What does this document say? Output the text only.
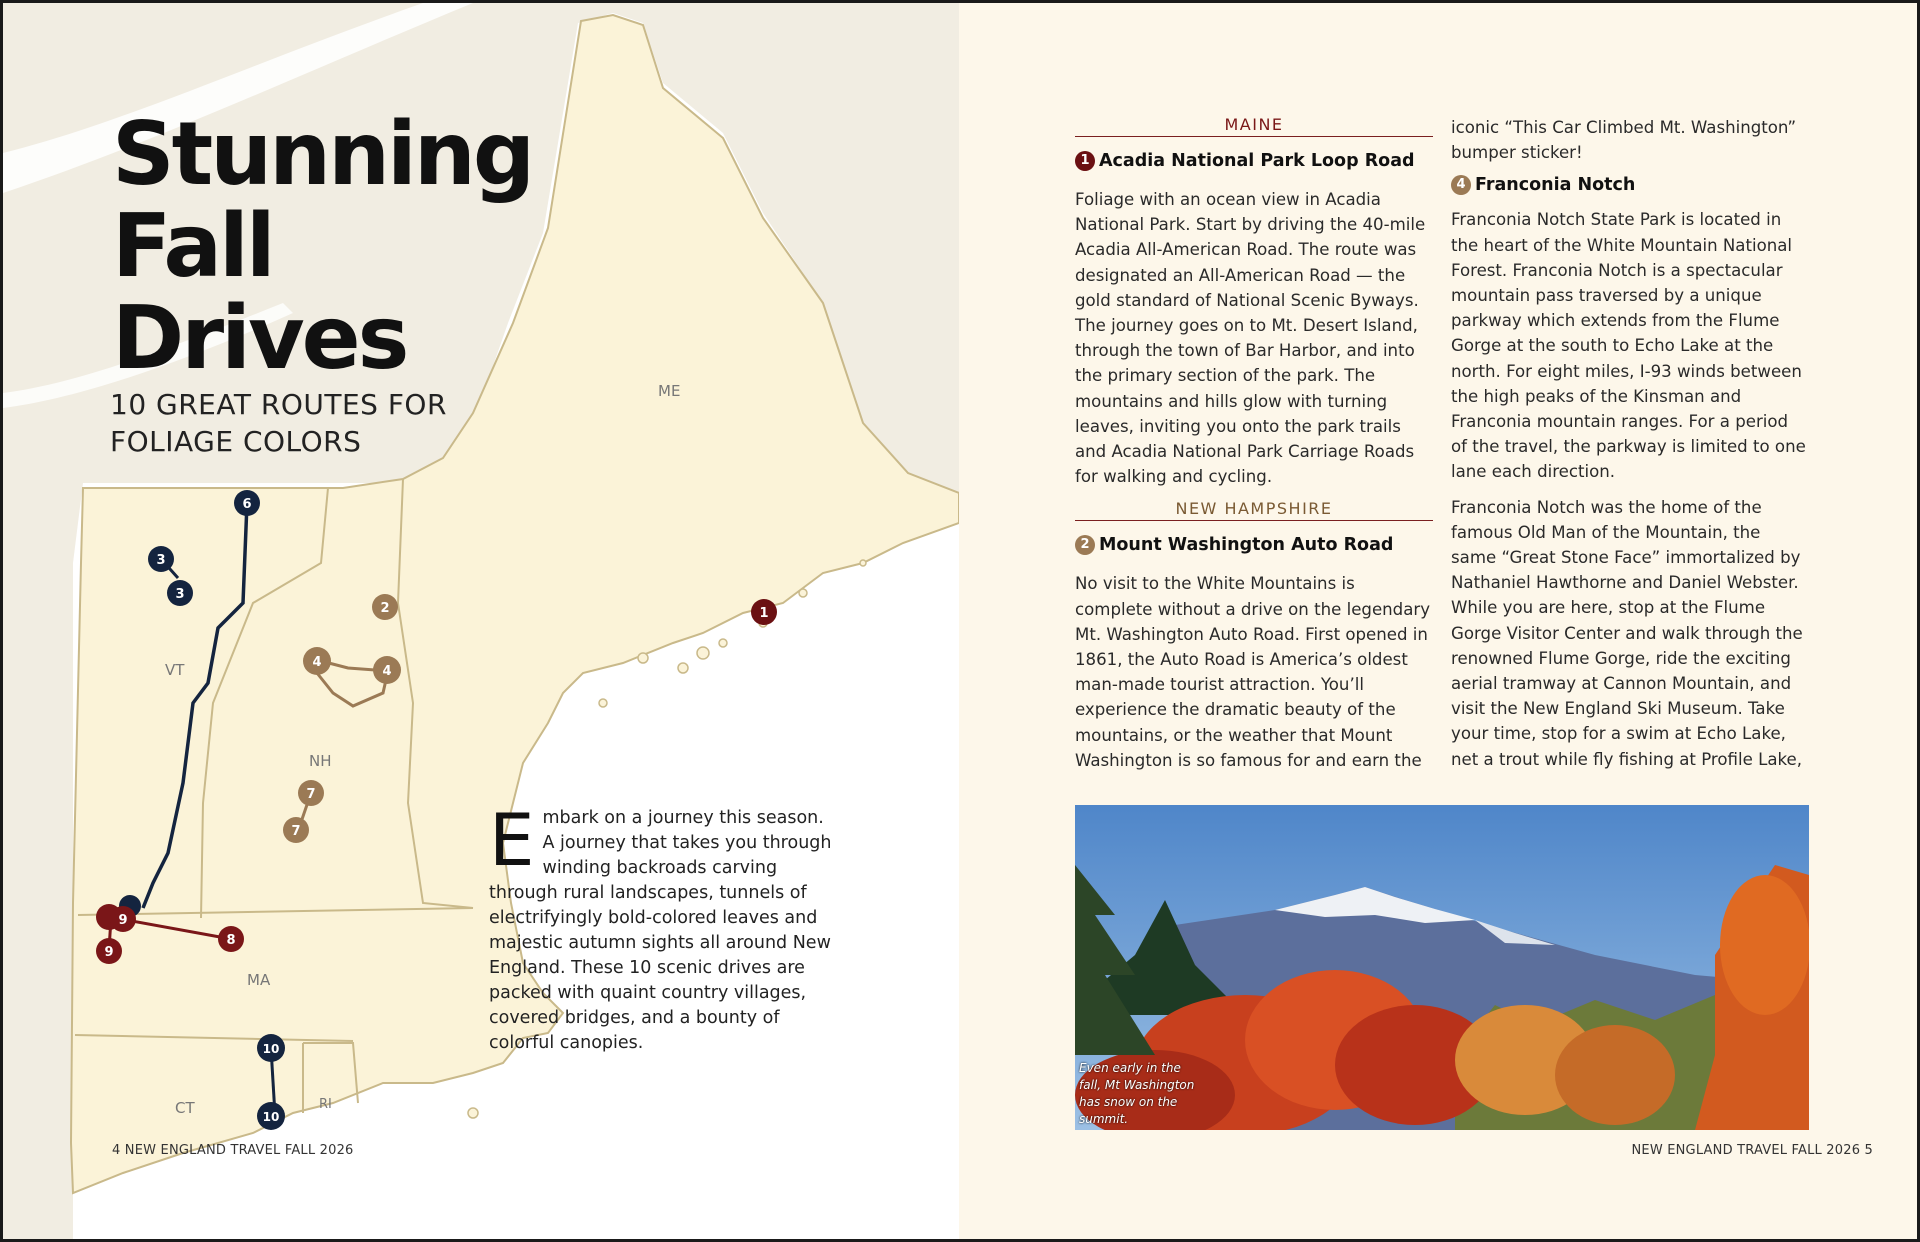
ME
VT
NH
MA
CT	RI
1
2
3
3
4
4
6
7
7
8
9
9
10
10
Stunning
Fall
Drives

10 GREAT ROUTES FOR
FOLIAGE COLORS

Embark on a journey this season. A journey that takes you through winding backroads carving through rural landscapes, tunnels of electrifyingly bold-colored leaves and majestic autumn sights all around New England. These 10 scenic drives are packed with quaint country villages, covered bridges, and a bounty of colorful canopies.

4 NEW ENGLAND TRAVEL FALL 2026
MAINE
1 Acadia National Park Loop Road

Foliage with an ocean view in Acadia National Park. Start by driving the 40-mile Acadia All-American Road. The route was designated an All-American Road — the gold standard of National Scenic Byways. The journey goes on to Mt. Desert Island, through the town of Bar Harbor, and into the primary section of the park. The mountains and hills glow with turning leaves, inviting you onto the park trails and Acadia National Park Carriage Roads for walking and cycling.

NEW HAMPSHIRE
2 Mount Washington Auto Road

No visit to the White Mountains is complete without a drive on the legendary Mt. Washington Auto Road. First opened in 1861, the Auto Road is America’s oldest man-made tourist attraction. You’ll experience the dramatic beauty of the mountains, or the weather that Mount Washington is so famous for and earn the

iconic “This Car Climbed Mt. Washington” bumper sticker!

4 Franconia Notch

Franconia Notch State Park is located in the heart of the White Mountain National Forest. Franconia Notch is a spectacular mountain pass traversed by a unique parkway which extends from the Flume Gorge at the south to Echo Lake at the north. For eight miles, I-93 winds between the high peaks of the Kinsman and Franconia mountain ranges. For a period of the travel, the parkway is limited to one lane each direction.

Franconia Notch was the home of the famous Old Man of the Mountain, the same “Great Stone Face” immortalized by Nathaniel Hawthorne and Daniel Webster. While you are here, stop at the Flume Gorge Visitor Center and walk through the renowned Flume Gorge, ride the exciting aerial tramway at Cannon Mountain, and visit the New England Ski Museum. Take your time, stop for a swim at Echo Lake, net a trout while fly fishing at Profile Lake,

Even early in the fall, Mt Washington has snow on the summit.
NEW ENGLAND TRAVEL FALL 2026 5
